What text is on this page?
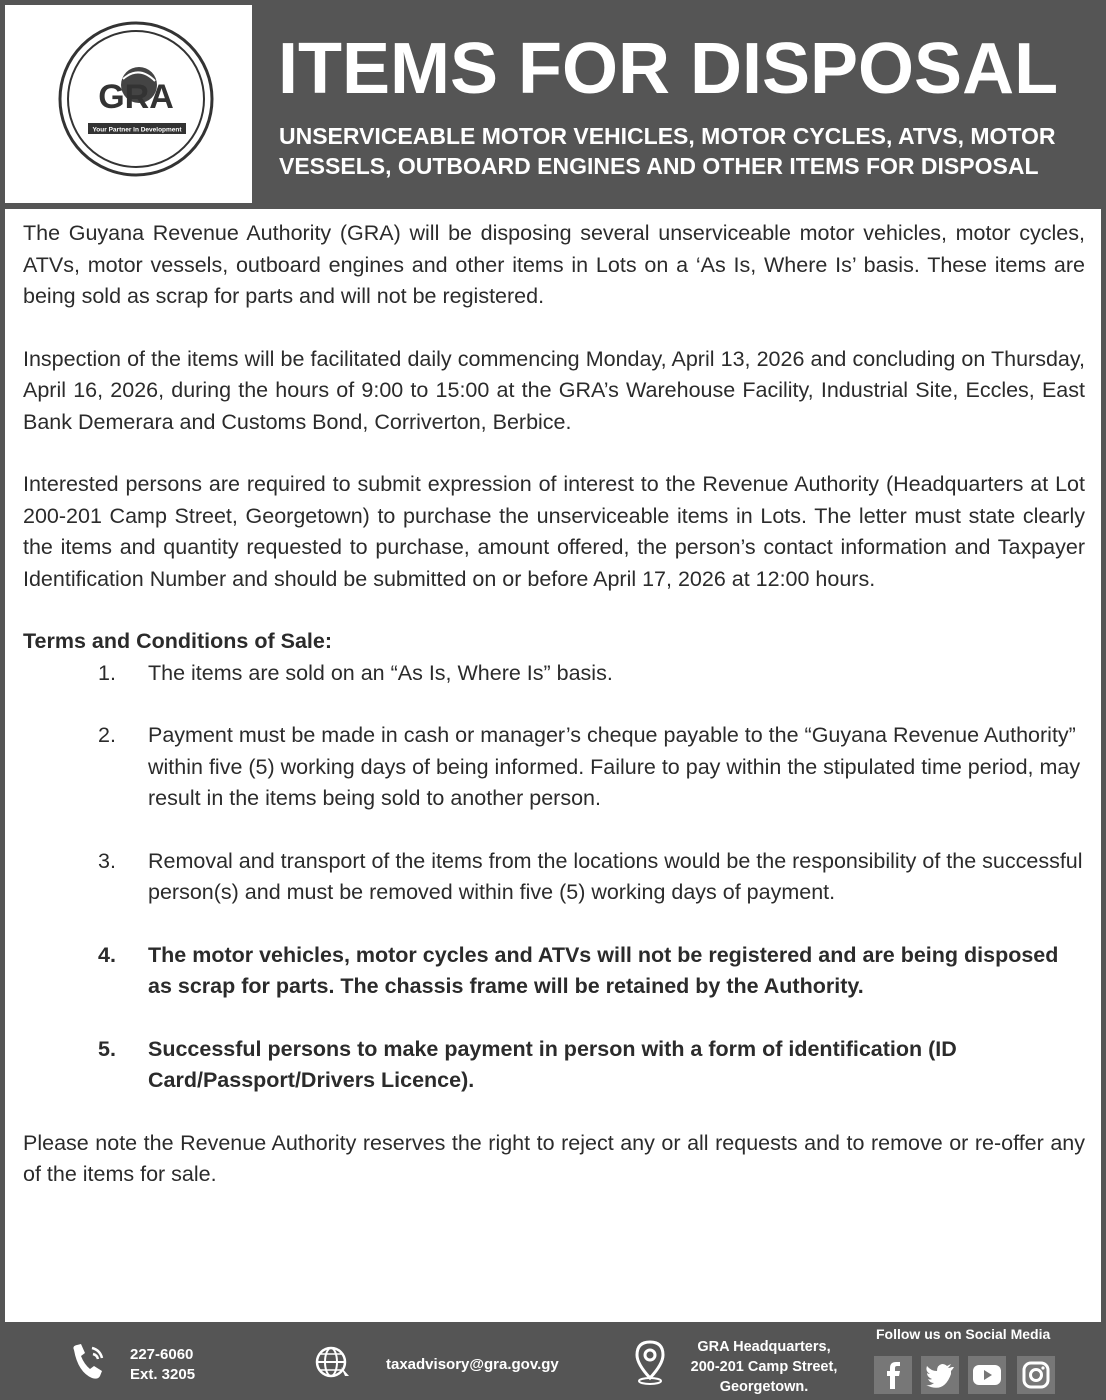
GRA
Your Partner In Development
ITEMS FOR DISPOSAL
UNSERVICEABLE MOTOR VEHICLES, MOTOR CYCLES, ATVS, MOTOR VESSELS, OUTBOARD ENGINES AND OTHER ITEMS FOR DISPOSAL

The Guyana Revenue Authority (GRA) will be disposing several unserviceable motor vehicles, motor cycles, ATVs, motor vessels, outboard engines and other items in Lots on a ‘As Is, Where Is’ basis. These items are being sold as scrap for parts and will not be registered.

Inspection of the items will be facilitated daily commencing Monday, April 13, 2026 and concluding on Thursday, April 16, 2026, during the hours of 9:00 to 15:00 at the GRA’s Warehouse Facility, Industrial Site, Eccles, East Bank Demerara and Customs Bond, Corriverton, Berbice.

Interested persons are required to submit expression of interest to the Revenue Authority (Headquarters at Lot 200-201 Camp Street, Georgetown) to purchase the unserviceable items in Lots. The letter must state clearly the items and quantity requested to purchase, amount offered, the person’s contact information and Taxpayer Identification Number and should be submitted on or before April 17, 2026 at 12:00 hours.

Terms and Conditions of Sale:

1. The items are sold on an “As Is, Where Is” basis.
2. Payment must be made in cash or manager’s cheque payable to the “Guyana Revenue Authority” within five (5) working days of being informed. Failure to pay within the stipulated time period, may result in the items being sold to another person.
3. Removal and transport of the items from the locations would be the responsibility of the successful person(s) and must be removed within five (5) working days of payment.
4. The motor vehicles, motor cycles and ATVs will not be registered and are being disposed as scrap for parts. The chassis frame will be retained by the Authority.
5. Successful persons to make payment in person with a form of identification (ID Card/Passport/Drivers Licence).

Please note the Revenue Authority reserves the right to reject any or all requests and to remove or re-offer any of the items for sale.

227-6060
Ext. 3205
taxadvisory@gra.gov.gy
GRA Headquarters,
200-201 Camp Street,
Georgetown.
Follow us on Social Media
